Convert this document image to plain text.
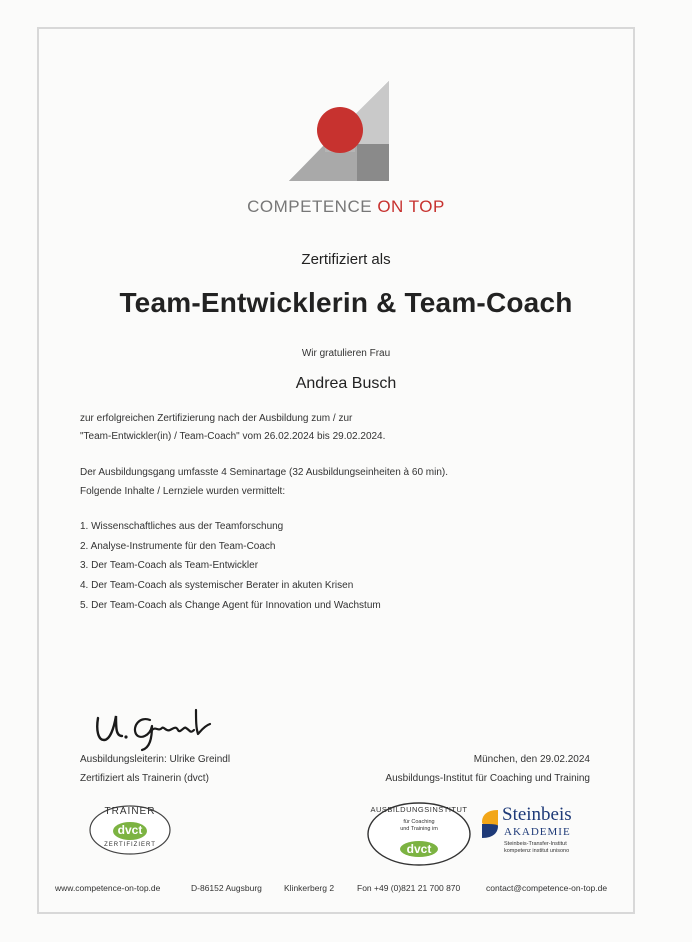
COMPETENCE ON TOP
Zertifiziert als
Team-Entwicklerin & Team-Coach
Wir gratulieren Frau
Andrea Busch
zur erfolgreichen Zertifizierung nach der Ausbildung zum / zur
"Team-Entwickler(in) / Team-Coach" vom 26.02.2024 bis 29.02.2024.
Der Ausbildungsgang umfasste 4 Seminartage (32 Ausbildungseinheiten à 60 min).
Folgende Inhalte / Lernziele wurden vermittelt:
1. Wissenschaftliches aus der Teamforschung
2. Analyse-Instrumente für den Team-Coach
3. Der Team-Coach als Team-Entwickler
4. Der Team-Coach als systemischer Berater in akuten Krisen
5. Der Team-Coach als Change Agent für Innovation und Wachstum
Ausbildungsleiterin: Ulrike Greindl
Zertifiziert als Trainerin (dvct)
München, den 29.02.2024
Ausbildungs-Institut für Coaching und Training
TRAINER
dvct
ZERTIFIZIERT
AUSBILDUNGSINSTITUT
für Coaching
und Training im
dvct
Steinbeis
AKADEMIE
Steinbeis-Transfer-Institut
kompetenz institut unisono
www.competence-on-top.de	D-86152 Augsburg	Klinkerberg 2	Fon +49 (0)821 21 700 870	contact@competence-on-top.de
